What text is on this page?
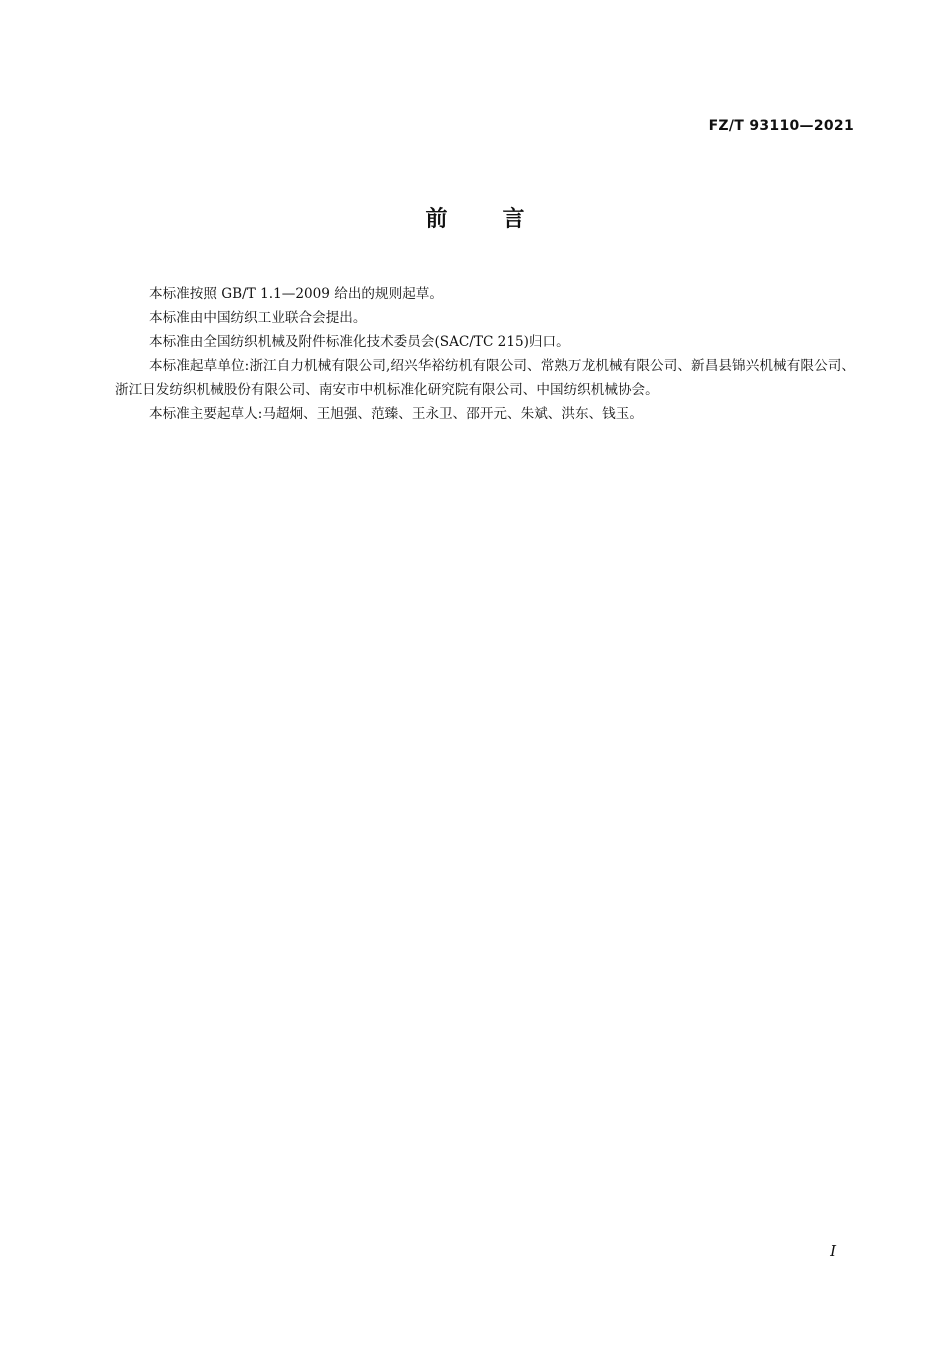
FZ/T 93110—2021
前言

本标准按照 GB/T 1.1—2009 给出的规则起草。

本标准由中国纺织工业联合会提出。

本标准由全国纺织机械及附件标准化技术委员会(SAC/TC 215)归口。

本标准起草单位:浙江自力机械有限公司,绍兴华裕纺机有限公司、常熟万龙机械有限公司、新昌县锦兴机械有限公司、浙江日发纺织机械股份有限公司、南安市中机标准化研究院有限公司、中国纺织机械协会。

本标准主要起草人:马超炯、王旭强、范臻、王永卫、邵开元、朱斌、洪东、钱玉。

I
